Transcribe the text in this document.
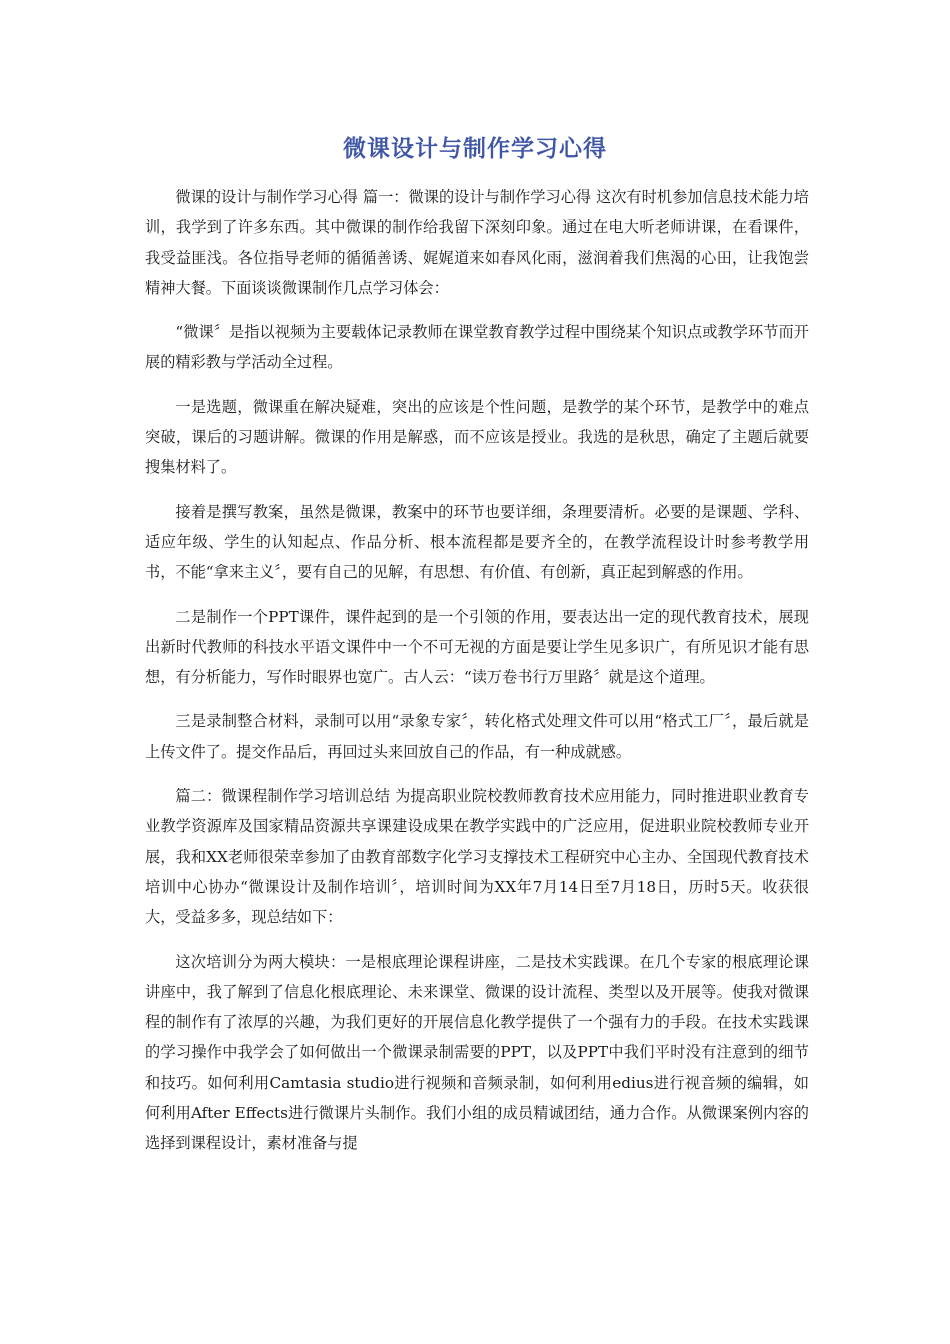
微课设计与制作学习心得

微课的设计与制作学习心得 篇一：微课的设计与制作学习心得 这次有时机参加信息技术能力培训，我学到了许多东西。其中微课的制作给我留下深刻印象。通过在电大听老师讲课，在看课件，我受益匪浅。各位指导老师的循循善诱、娓娓道来如春风化雨，滋润着我们焦渴的心田，让我饱尝精神大餐。下面谈谈微课制作几点学习体会：

“微课〞是指以视频为主要载体记录教师在课堂教育教学过程中围绕某个知识点或教学环节而开展的精彩教与学活动全过程。

一是选题，微课重在解决疑难，突出的应该是个性问题，是教学的某个环节，是教学中的难点突破，课后的习题讲解。微课的作用是解惑，而不应该是授业。我选的是秋思，确定了主题后就要搜集材料了。

接着是撰写教案，虽然是微课，教案中的环节也要详细，条理要清析。必要的是课题、学科、适应年级、学生的认知起点、作品分析、根本流程都是要齐全的，在教学流程设计时参考教学用书，不能“拿来主义〞，要有自己的见解，有思想、有价值、有创新，真正起到解惑的作用。

二是制作一个PPT课件，课件起到的是一个引领的作用，要表达出一定的现代教育技术，展现出新时代教师的科技水平语文课件中一个不可无视的方面是要让学生见多识广，有所见识才能有思想，有分析能力，写作时眼界也宽广。古人云：“读万卷书行万里路〞就是这个道理。

三是录制整合材料，录制可以用“录象专家〞，转化格式处理文件可以用“格式工厂〞，最后就是上传文件了。提交作品后，再回过头来回放自己的作品，有一种成就感。

篇二：微课程制作学习培训总结 为提高职业院校教师教育技术应用能力，同时推进职业教育专业教学资源库及国家精品资源共享课建设成果在教学实践中的广泛应用，促进职业院校教师专业开展，我和XX老师很荣幸参加了由教育部数字化学习支撑技术工程研究中心主办、全国现代教育技术培训中心协办“微课设计及制作培训〞，培训时间为XX年7月14日至7月18日，历时5天。收获很大，受益多多，现总结如下：

这次培训分为两大模块：一是根底理论课程讲座，二是技术实践课。在几个专家的根底理论课讲座中，我了解到了信息化根底理论、未来课堂、微课的设计流程、类型以及开展等。使我对微课程的制作有了浓厚的兴趣，为我们更好的开展信息化教学提供了一个强有力的手段。在技术实践课的学习操作中我学会了如何做出一个微课录制需要的PPT，以及PPT中我们平时没有注意到的细节和技巧。如何利用Camtasia studio进行视频和音频录制，如何利用edius进行视音频的编辑，如何利用After Effects进行微课片头制作。我们小组的成员精诚团结，通力合作。从微课案例内容的选择到课程设计，素材准备与提
